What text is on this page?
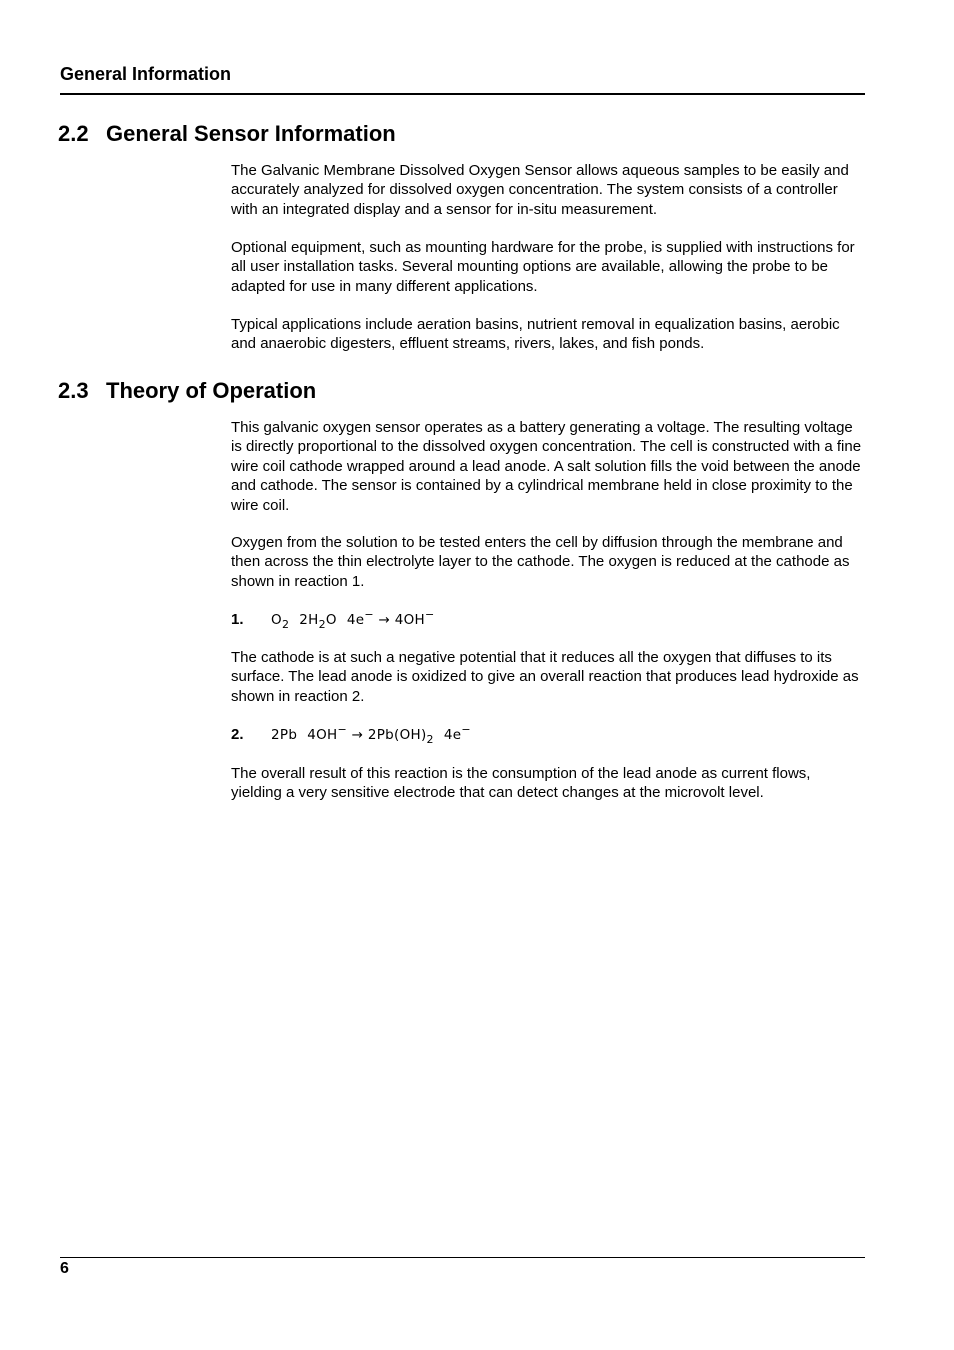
General Information
2.2 General Sensor Information

The Galvanic Membrane Dissolved Oxygen Sensor allows aqueous samples to be easily and accurately analyzed for dissolved oxygen concentration. The system consists of a controller with an integrated display and a sensor for in-situ measurement.

Optional equipment, such as mounting hardware for the probe, is supplied with instructions for all user installation tasks. Several mounting options are available, allowing the probe to be adapted for use in many different applications.

Typical applications include aeration basins, nutrient removal in equalization basins, aerobic and anaerobic digesters, effluent streams, rivers, lakes, and fish ponds.

2.3 Theory of Operation

This galvanic oxygen sensor operates as a battery generating a voltage. The resulting voltage is directly proportional to the dissolved oxygen concentration. The cell is constructed with a fine wire coil cathode wrapped around a lead anode. A salt solution fills the void between the anode and cathode. The sensor is contained by a cylindrical membrane held in close proximity to the wire coil.

Oxygen from the solution to be tested enters the cell by diffusion through the membrane and then across the thin electrolyte layer to the cathode. The oxygen is reduced at the cathode as shown in reaction 1.

1. $O_2$ $2H_2O$ 4e− → 4OH−

The cathode is at such a negative potential that it reduces all the oxygen that diffuses to its surface. The lead anode is oxidized to give an overall reaction that produces lead hydroxide as shown in reaction 2.

2. 2Pb $4OH^- \to 2Pb(OH)_2$ 4e−

The overall result of this reaction is the consumption of the lead anode as current flows, yielding a very sensitive electrode that can detect changes at the microvolt level.

6
